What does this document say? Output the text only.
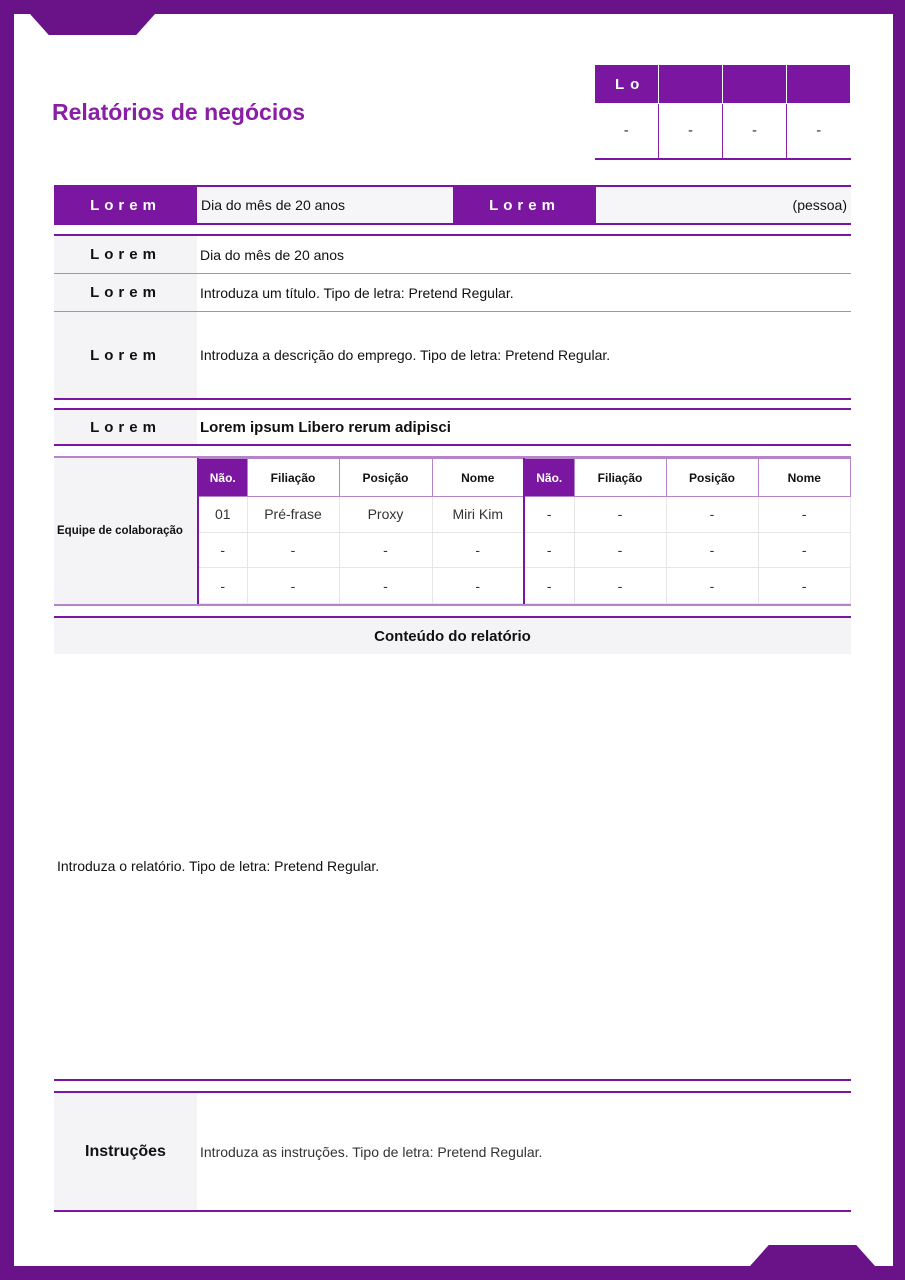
Relatórios de negócios
Lo			
-	-	-	-
Lorem	Dia do mês de 20 anos	Lorem	(pessoa)
Lorem	Dia do mês de 20 anos
Lorem	Introduza um título. Tipo de letra: Pretend Regular.
Lorem	Introduza a descrição do emprego. Tipo de letra: Pretend Regular.
Lorem	Lorem ipsum Libero rerum adipisci
Equipe de colaboração
Não.	Filiação	Posição	Nome	Não.	Filiação	Posição	Nome
01	Pré-frase	Proxy	Miri Kim	-	-	-	-
-	-	-	-	-	-	-	-
-	-	-	-	-	-	-	-
Conteúdo do relatório
Introduza o relatório. Tipo de letra: Pretend Regular.
Instruções	Introduza as instruções. Tipo de letra: Pretend Regular.
